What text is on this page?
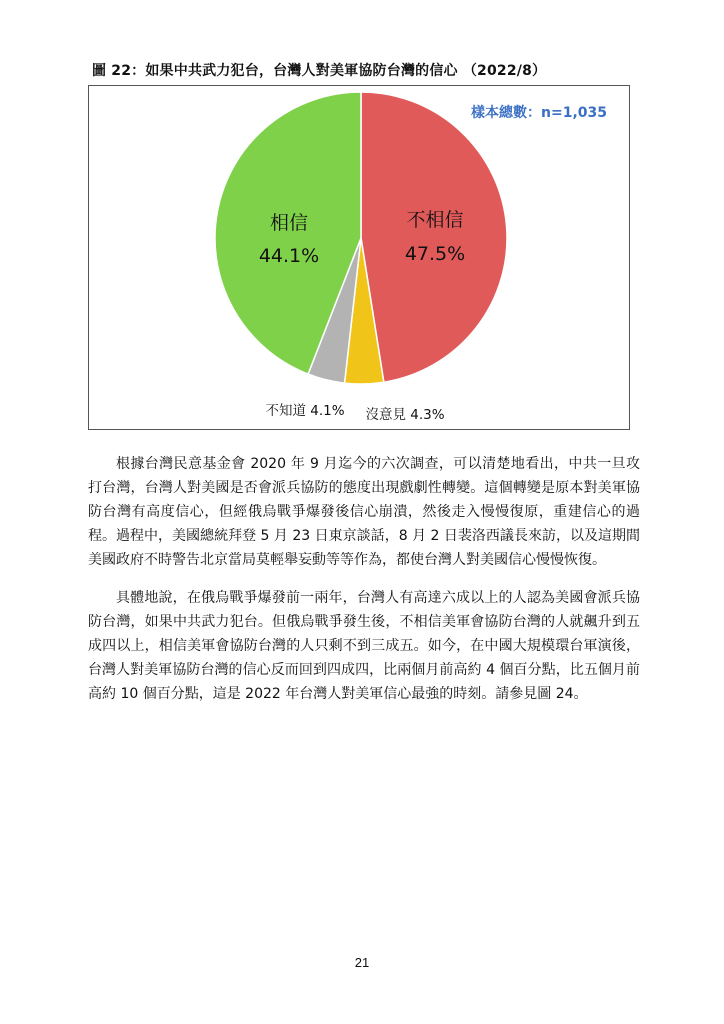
圖 22：如果中共武力犯台，台灣人對美軍協防台灣的信心 （2022/8）
樣本總數：n=1,035
不相信
47.5%
相信
44.1%
沒意見 4.3%
不知道 4.1%

根據台灣民意基金會 2020 年 9 月迄今的六次調查，可以清楚地看出，中共一旦攻打台灣，台灣人對美國是否會派兵協防的態度出現戲劇性轉變。這個轉變是原本對美軍協防台灣有高度信心，但經俄烏戰爭爆發後信心崩潰，然後走入慢慢復原，重建信心的過程。過程中，美國總統拜登 5 月 23 日東京談話，8 月 2 日裴洛西議長來訪，以及這期間美國政府不時警告北京當局莫輕舉妄動等等作為，都使台灣人對美國信心慢慢恢復。

具體地說，在俄烏戰爭爆發前一兩年，台灣人有高達六成以上的人認為美國會派兵協防台灣，如果中共武力犯台。但俄烏戰爭發生後，不相信美軍會協防台灣的人就飆升到五成四以上，相信美軍會協防台灣的人只剩不到三成五。如今，在中國大規模環台軍演後，台灣人對美軍協防台灣的信心反而回到四成四，比兩個月前高約 4 個百分點，比五個月前高約 10 個百分點，這是 2022 年台灣人對美軍信心最強的時刻。請參見圖 24。

21
